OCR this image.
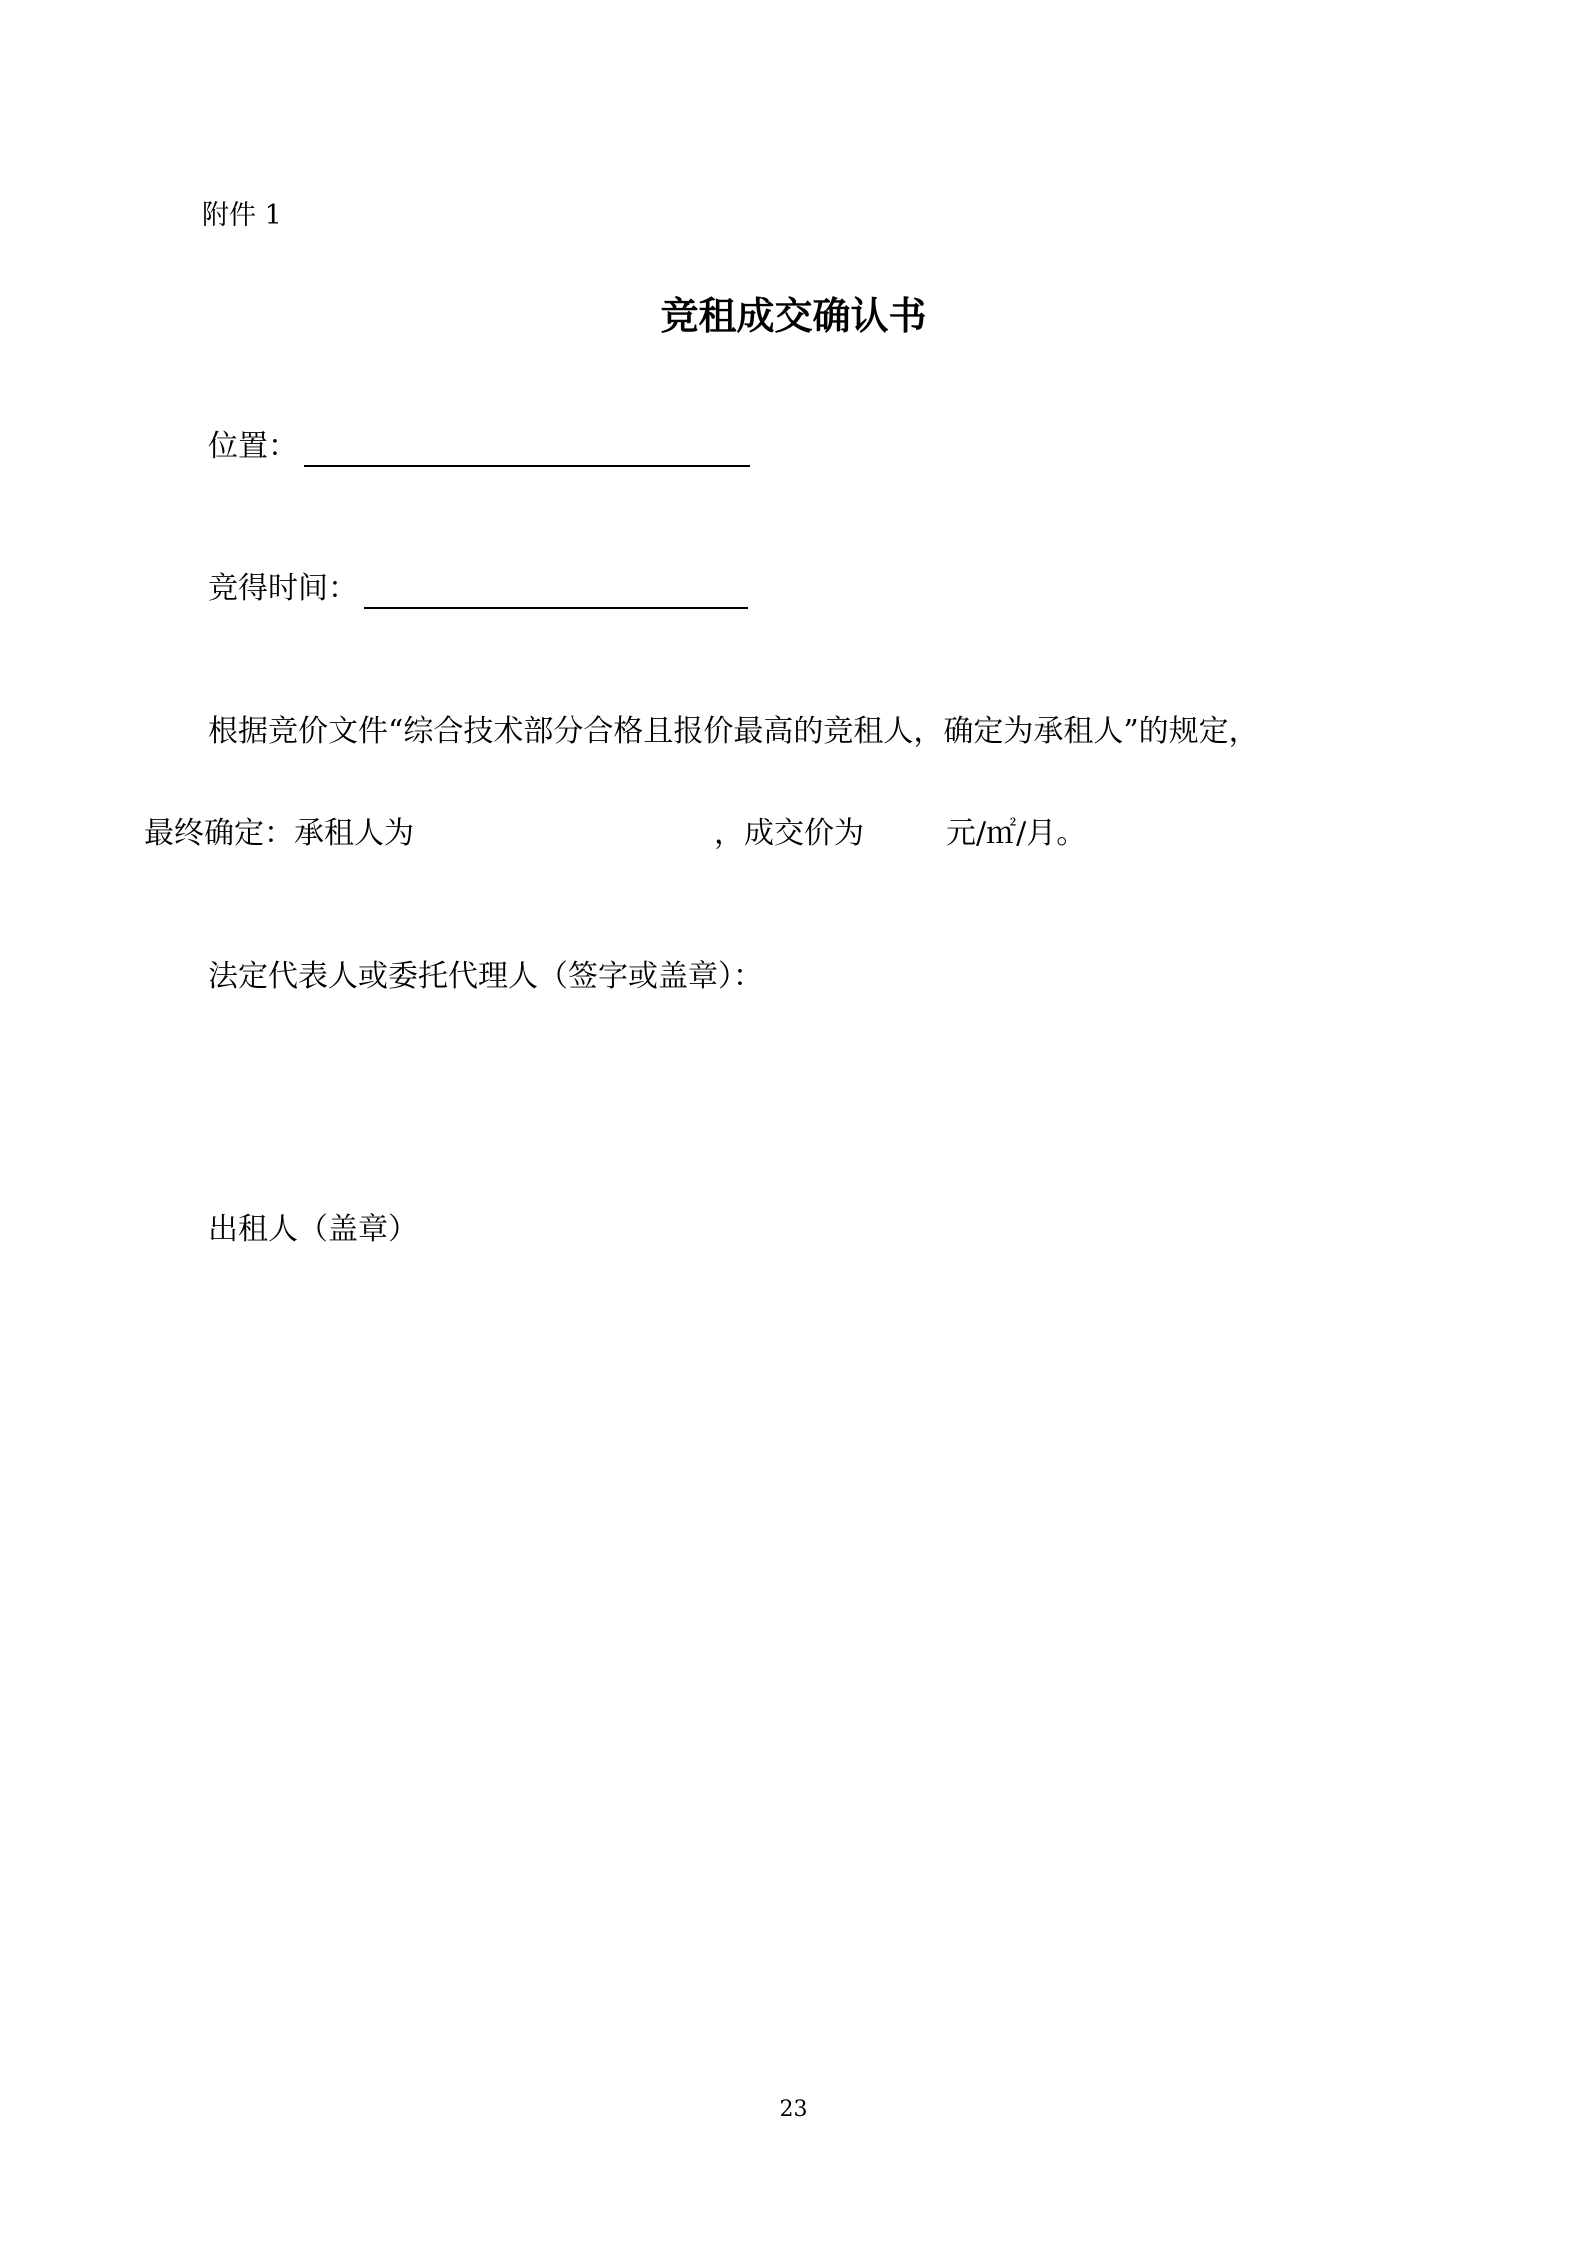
附件 1
竞租成交确认书
位置：
竞得时间：
根据竞价文件“综合技术部分合格且报价最高的竞租人，确定为承租人”的规定，
最终确定：承租人为	，成交价为	元/㎡/月。
法定代表人或委托代理人（签字或盖章）：
出租人（盖章）
23
